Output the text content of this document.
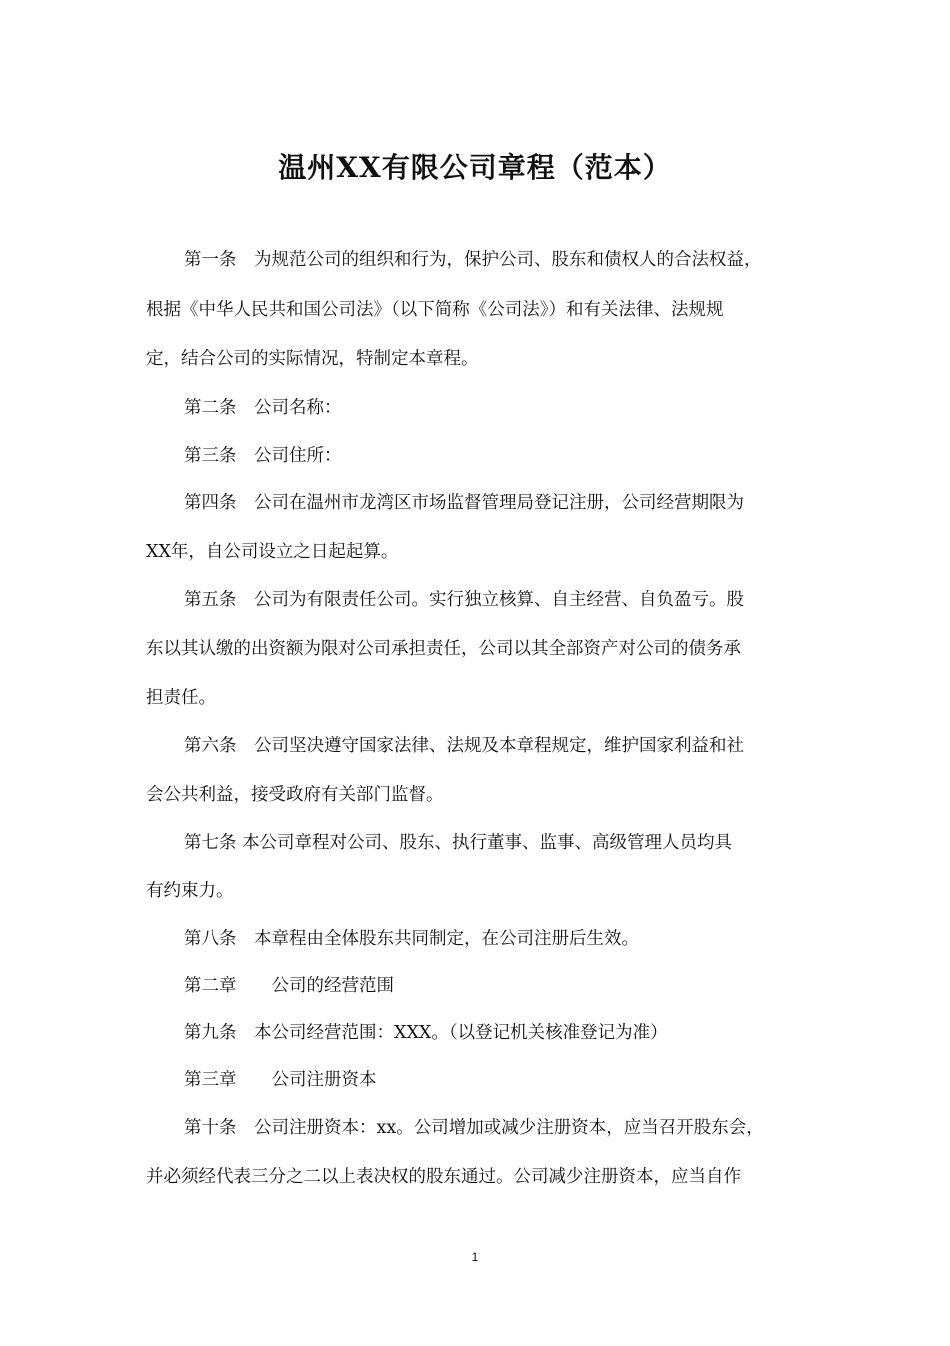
温州XX有限公司章程（范本）
第一条　为规范公司的组织和行为，保护公司、股东和债权人的合法权益，
根据《中华人民共和国公司法》（以下简称《公司法》）和有关法律、法规规
定，结合公司的实际情况，特制定本章程。
第二条　公司名称：
第三条　公司住所：
第四条　公司在温州市龙湾区市场监督管理局登记注册，公司经营期限为
XX年，自公司设立之日起起算。
第五条　公司为有限责任公司。实行独立核算、自主经营、自负盈亏。股
东以其认缴的出资额为限对公司承担责任，公司以其全部资产对公司的债务承
担责任。
第六条　公司坚决遵守国家法律、法规及本章程规定，维护国家利益和社
会公共利益，接受政府有关部门监督。
第七条 本公司章程对公司、股东、执行董事、监事、高级管理人员均具
有约束力。
第八条　本章程由全体股东共同制定，在公司注册后生效。
第二章　　公司的经营范围
第九条　本公司经营范围：XXX。（以登记机关核准登记为准）
第三章　　公司注册资本
第十条　公司注册资本：xx。公司增加或减少注册资本，应当召开股东会，
并必须经代表三分之二以上表决权的股东通过。公司减少注册资本，应当自作
1
